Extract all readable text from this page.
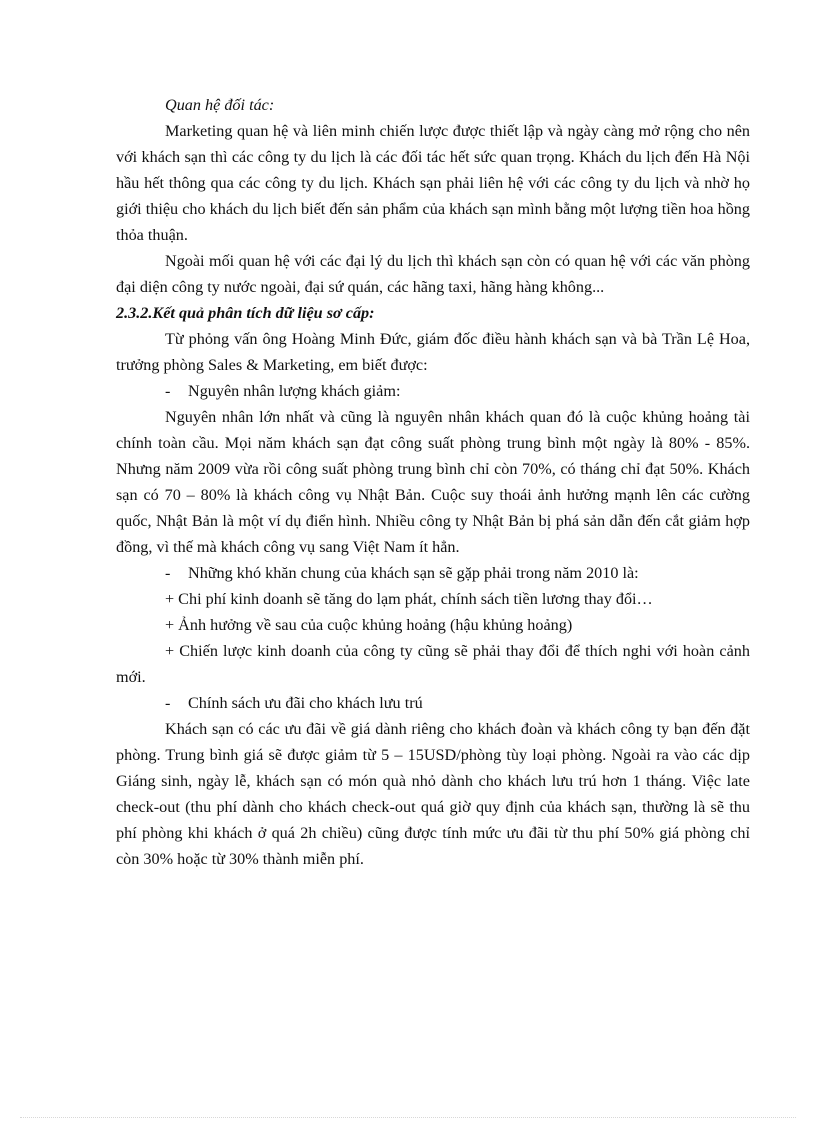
Quan hệ đối tác:

Marketing quan hệ và liên minh chiến lược được thiết lập và ngày càng mở rộng cho nên với khách sạn thì các công ty du lịch là các đối tác hết sức quan trọng. Khách du lịch đến Hà Nội hầu hết thông qua các công ty du lịch. Khách sạn phải liên hệ với các công ty du lịch và nhờ họ giới thiệu cho khách du lịch biết đến sản phẩm của khách sạn mình bằng một lượng tiền hoa hồng thỏa thuận.

Ngoài mối quan hệ với các đại lý du lịch thì khách sạn còn có quan hệ với các văn phòng đại diện công ty nước ngoài, đại sứ quán, các hãng taxi, hãng hàng không...

2.3.2.Kết quả phân tích dữ liệu sơ cấp:

Từ phỏng vấn ông Hoàng Minh Đức, giám đốc điều hành khách sạn và bà Trần Lệ Hoa, trưởng phòng Sales & Marketing, em biết được:

- Nguyên nhân lượng khách giảm:

Nguyên nhân lớn nhất và cũng là nguyên nhân khách quan đó là cuộc khủng hoảng tài chính toàn cầu. Mọi năm khách sạn đạt công suất phòng trung bình một ngày là 80% - 85%. Nhưng năm 2009 vừa rồi công suất phòng trung bình chỉ còn 70%, có tháng chỉ đạt 50%. Khách sạn có 70 – 80% là khách công vụ Nhật Bản. Cuộc suy thoái ảnh hưởng mạnh lên các cường quốc, Nhật Bản là một ví dụ điển hình. Nhiều công ty Nhật Bản bị phá sản dẫn đến cắt giảm hợp đồng, vì thế mà khách công vụ sang Việt Nam ít hẳn.

- Những khó khăn chung của khách sạn sẽ gặp phải trong năm 2010 là:

+ Chi phí kinh doanh sẽ tăng do lạm phát, chính sách tiền lương thay đổi…

+ Ảnh hưởng về sau của cuộc khủng hoảng (hậu khủng hoảng)

+ Chiến lược kinh doanh của công ty cũng sẽ phải thay đổi để thích nghi với hoàn cảnh mới.

- Chính sách ưu đãi cho khách lưu trú

Khách sạn có các ưu đãi về giá dành riêng cho khách đoàn và khách công ty bạn đến đặt phòng. Trung bình giá sẽ được giảm từ 5 – 15USD/phòng tùy loại phòng. Ngoài ra vào các dịp Giáng sinh, ngày lễ, khách sạn có món quà nhỏ dành cho khách lưu trú hơn 1 tháng. Việc late check-out (thu phí dành cho khách check-out quá giờ quy định của khách sạn, thường là sẽ thu phí phòng khi khách ở quá 2h chiều) cũng được tính mức ưu đãi từ thu phí 50% giá phòng chỉ còn 30% hoặc từ 30% thành miễn phí.
